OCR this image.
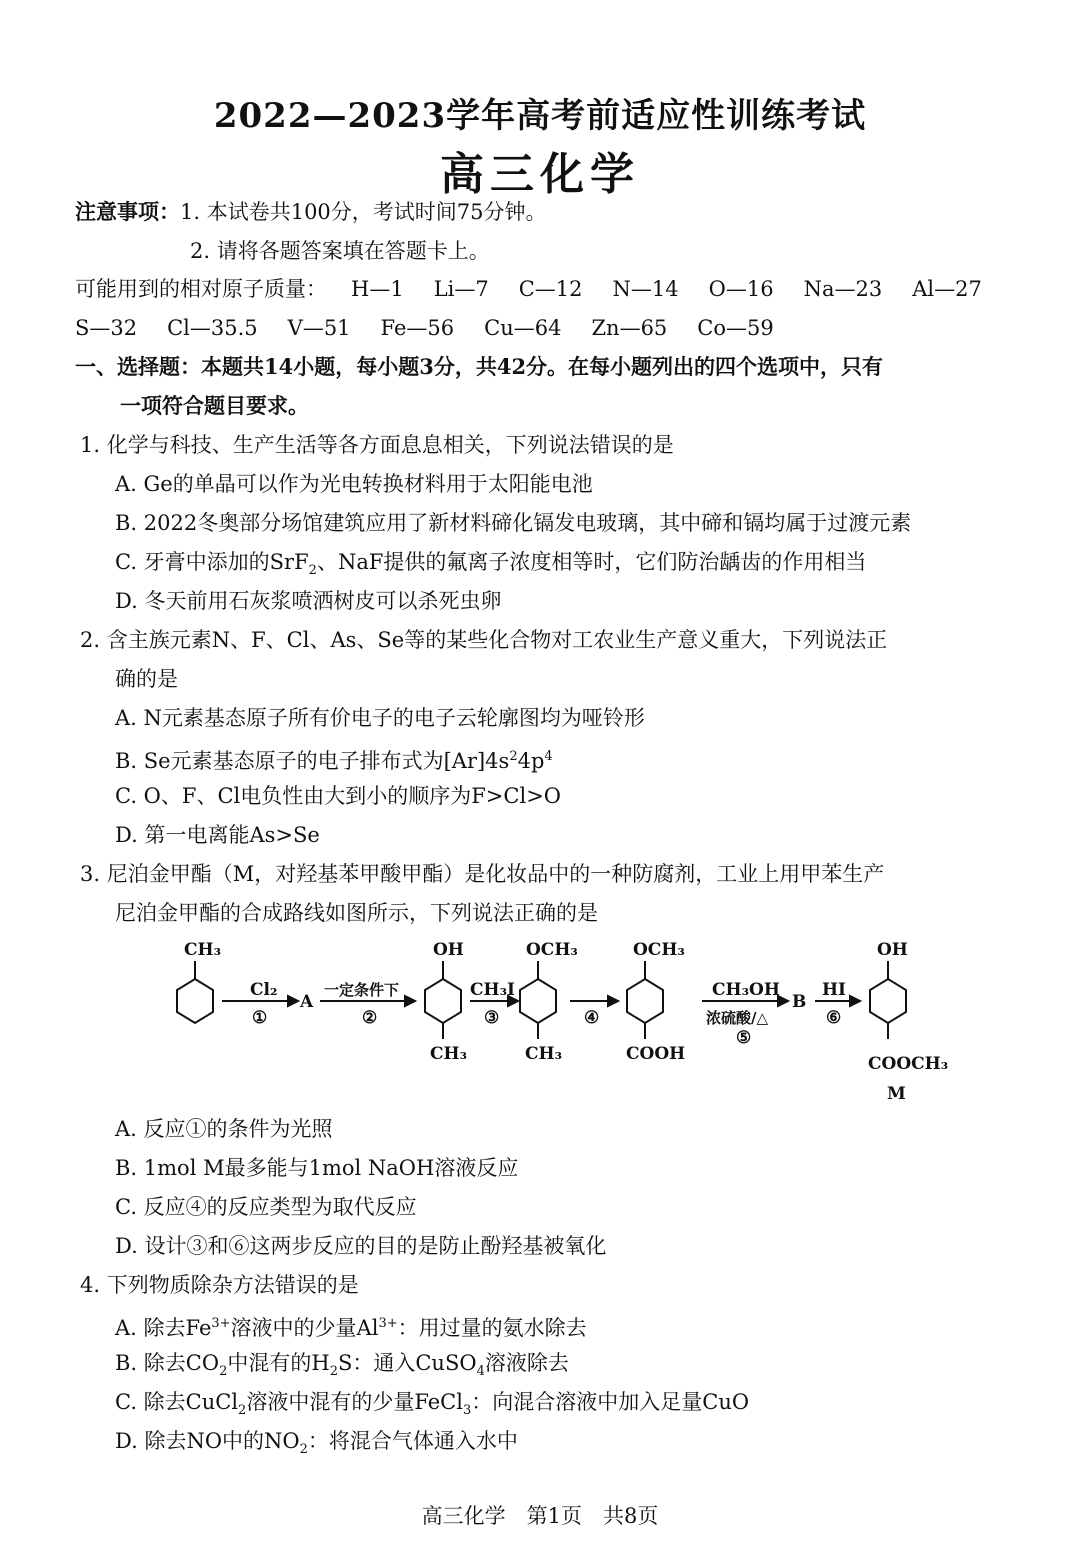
2022—2023学年高考前适应性训练考试
高三化学
注意事项：1. 本试卷共100分，考试时间75分钟。
2. 请将各题答案填在答题卡上。
可能用到的相对原子质量： H—1 Li—7 C—12 N—14 O—16 Na—23 Al—27
S—32 Cl—35.5 V—51 Fe—56 Cu—64 Zn—65 Co—59
一、选择题：本题共14小题，每小题3分，共42分。在每小题列出的四个选项中，只有
一项符合题目要求。
1. 化学与科技、生产生活等各方面息息相关，下列说法错误的是
A. Ge的单晶可以作为光电转换材料用于太阳能电池
B. 2022冬奥部分场馆建筑应用了新材料碲化镉发电玻璃，其中碲和镉均属于过渡元素
C. 牙膏中添加的SrF$_2$、NaF提供的氟离子浓度相等时，它们防治龋齿的作用相当
D. 冬天前用石灰浆喷洒树皮可以杀死虫卵
2. 含主族元素N、F、Cl、As、Se等的某些化合物对工农业生产意义重大，下列说法正
确的是
A. N元素基态原子所有价电子的电子云轮廓图均为哑铃形
B. Se元素基态原子的电子排布式为$[Ar]4s^24p^4$
C. O、F、Cl电负性由大到小的顺序为F>Cl>O
D. 第一电离能As>Se
3. 尼泊金甲酯（M，对羟基苯甲酸甲酯）是化妆品中的一种防腐剂，工业上用甲苯生产
尼泊金甲酯的合成路线如图所示，下列说法正确的是
CH₃
Cl₂
①
A
一定条件下
②
OH
CH₃
CH₃I
③
OCH₃
CH₃
④
OCH₃
COOH
CH₃OH
浓硫酸/△
⑤
B
HI
⑥
OH
COOCH₃
M
A. 反应①的条件为光照
B. 1mol M最多能与1mol NaOH溶液反应
C. 反应④的反应类型为取代反应
D. 设计③和⑥这两步反应的目的是防止酚羟基被氧化
4. 下列物质除杂方法错误的是
A. 除去$Fe^{3+}$溶液中的少量$Al^{3+}$：用过量的氨水除去
B. 除去$CO_2$中混有的$H_2S$：通入CuSO$_4$溶液除去
C. 除去CuCl$_2$溶液中混有的少量FeCl$_3$：向混合溶液中加入足量CuO
D. 除去NO中的$NO_2$：将混合气体通入水中
高三化学　第1页　共8页
